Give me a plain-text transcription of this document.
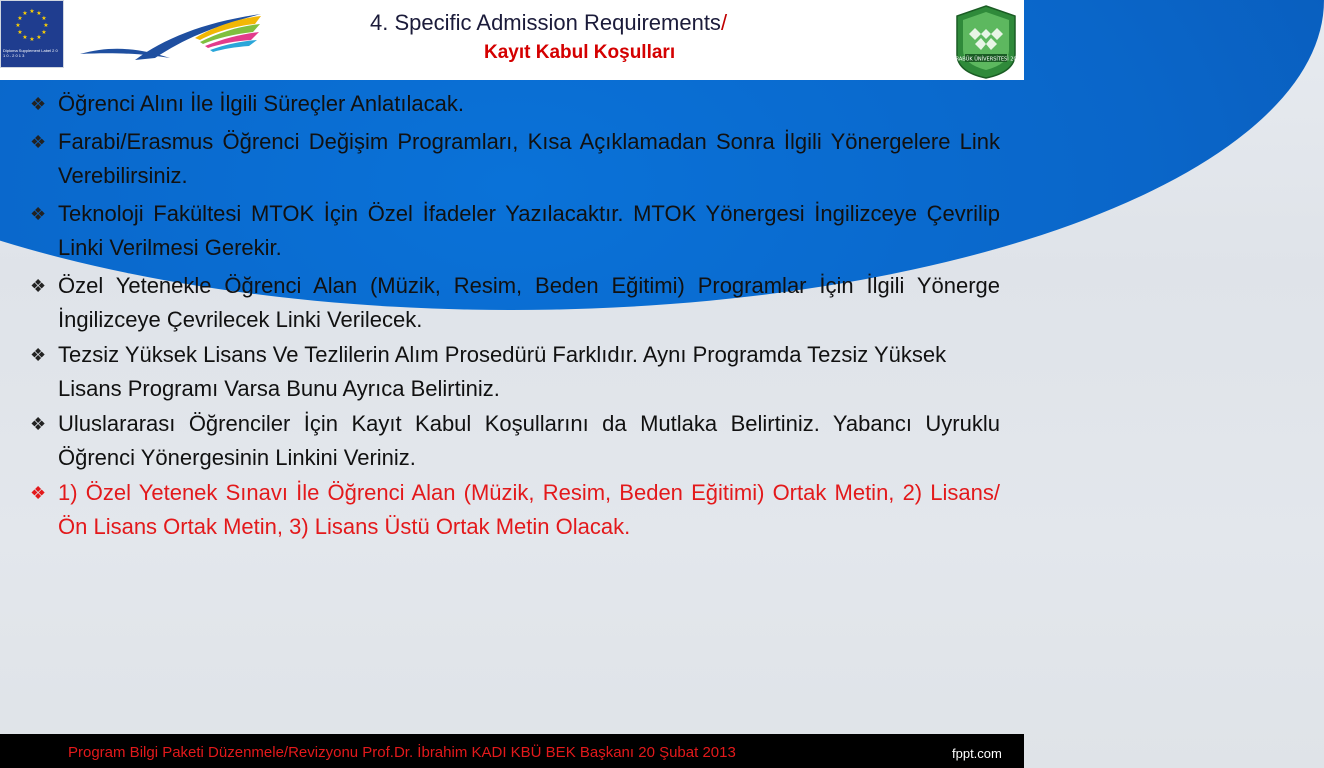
★ ★
★
★
★
★
★
★
★
★
★
★
Diploma Supplement Label 2 0 1 0 - 2 0 1 3
4. Specific Admission Requirements/
Kayıt Kabul Koşulları	KARABÜK ÜNİVERSİTESİ 2007
❖ Öğrenci Alını İle İlgili Süreçler Anlatılacak.
❖ Farabi/Erasmus Öğrenci Değişim Programları, Kısa Açıklamadan Sonra İlgili Yönergelere Link Verebilirsiniz.
❖ Teknoloji Fakültesi MTOK İçin Özel İfadeler Yazılacaktır. MTOK Yönergesi İngilizceye Çevrilip Linki Verilmesi Gerekir.
❖ Özel Yetenekle Öğrenci Alan (Müzik, Resim, Beden Eğitimi) Programlar İçin İlgili Yönerge İngilizceye Çevrilecek Linki Verilecek.
❖ Tezsiz Yüksek Lisans Ve Tezlilerin Alım Prosedürü Farklıdır. Aynı Programda Tezsiz Yüksek Lisans Programı Varsa Bunu Ayrıca Belirtiniz.
❖ Uluslararası Öğrenciler İçin Kayıt Kabul Koşullarını da Mutlaka Belirtiniz. Yabancı Uyruklu Öğrenci Yönergesinin Linkini Veriniz.
❖ 1) Özel Yetenek Sınavı İle Öğrenci Alan (Müzik, Resim, Beden Eğitimi) Ortak Metin, 2) Lisans/Ön Lisans Ortak Metin, 3) Lisans Üstü Ortak Metin Olacak.
Program Bilgi Paketi Düzenmele/Revizyonu Prof.Dr. İbrahim KADI KBÜ BEK Başkanı 20 Şubat 2013	fppt.com
